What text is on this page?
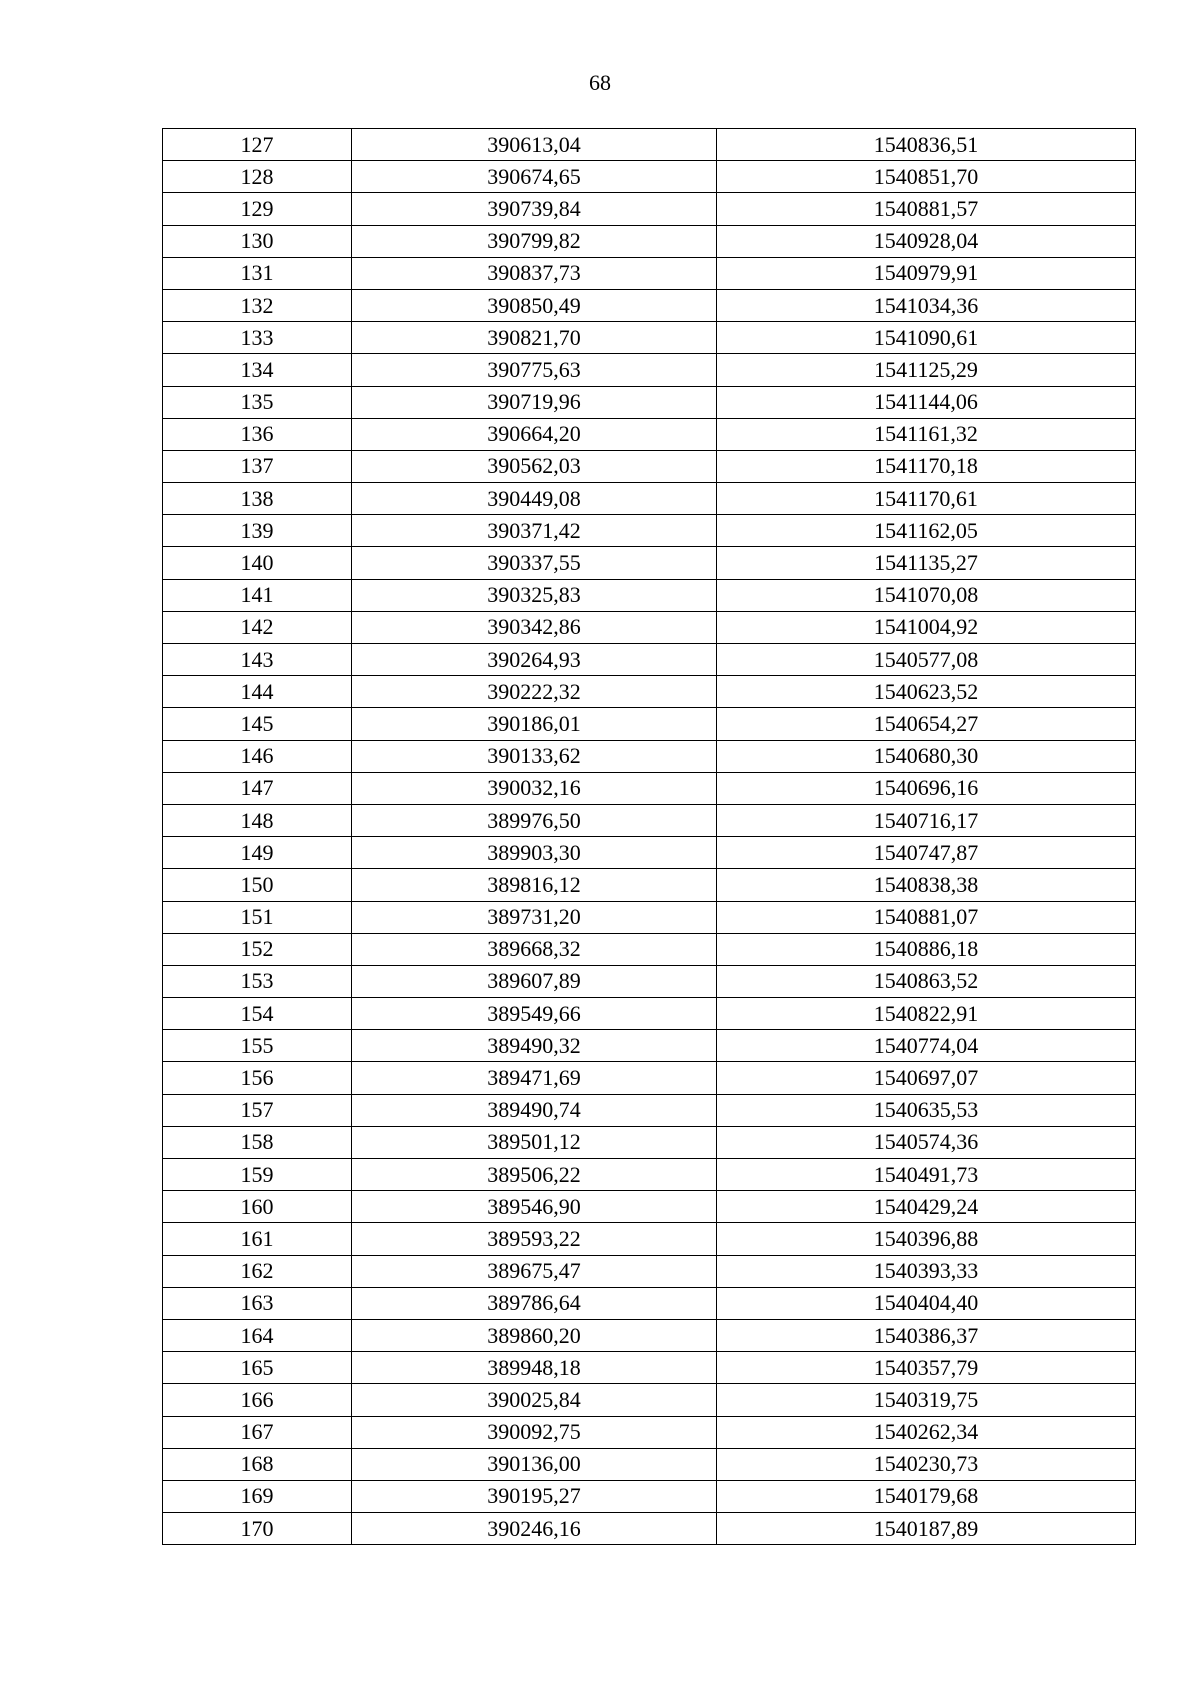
68
127	390613,04	1540836,51
128	390674,65	1540851,70
129	390739,84	1540881,57
130	390799,82	1540928,04
131	390837,73	1540979,91
132	390850,49	1541034,36
133	390821,70	1541090,61
134	390775,63	1541125,29
135	390719,96	1541144,06
136	390664,20	1541161,32
137	390562,03	1541170,18
138	390449,08	1541170,61
139	390371,42	1541162,05
140	390337,55	1541135,27
141	390325,83	1541070,08
142	390342,86	1541004,92
143	390264,93	1540577,08
144	390222,32	1540623,52
145	390186,01	1540654,27
146	390133,62	1540680,30
147	390032,16	1540696,16
148	389976,50	1540716,17
149	389903,30	1540747,87
150	389816,12	1540838,38
151	389731,20	1540881,07
152	389668,32	1540886,18
153	389607,89	1540863,52
154	389549,66	1540822,91
155	389490,32	1540774,04
156	389471,69	1540697,07
157	389490,74	1540635,53
158	389501,12	1540574,36
159	389506,22	1540491,73
160	389546,90	1540429,24
161	389593,22	1540396,88
162	389675,47	1540393,33
163	389786,64	1540404,40
164	389860,20	1540386,37
165	389948,18	1540357,79
166	390025,84	1540319,75
167	390092,75	1540262,34
168	390136,00	1540230,73
169	390195,27	1540179,68
170	390246,16	1540187,89
